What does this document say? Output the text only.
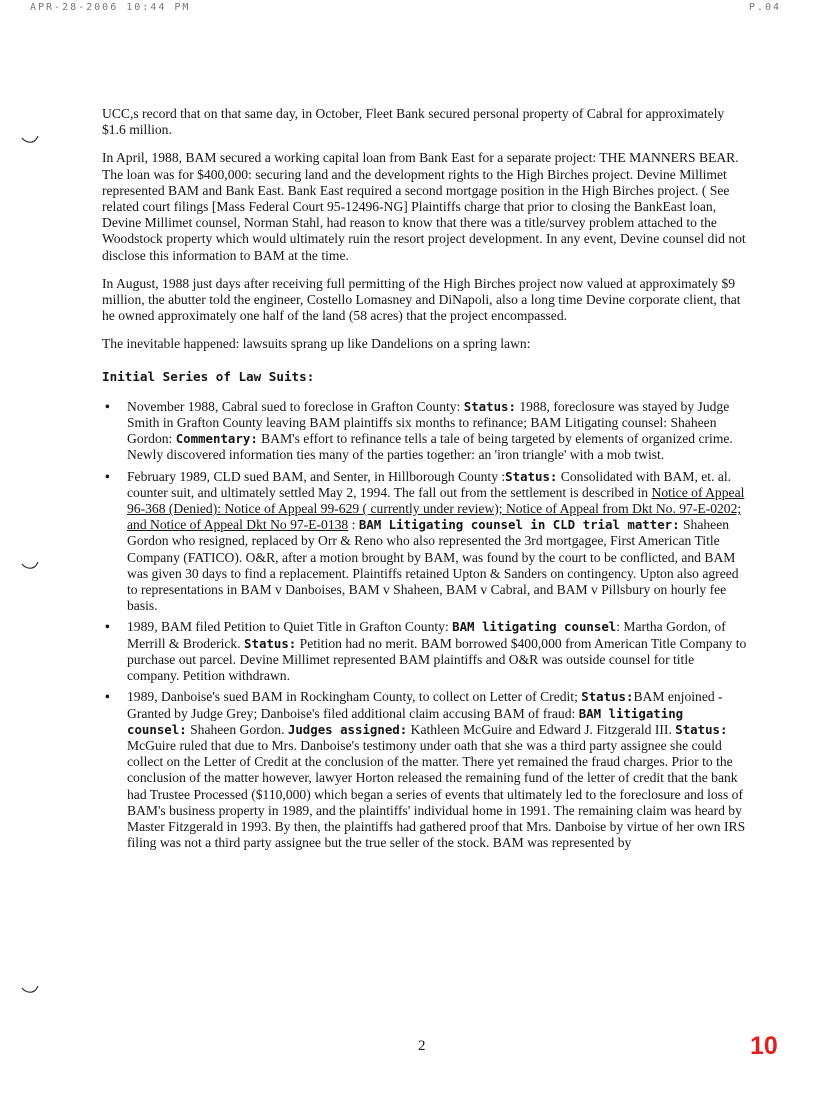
APR-28-2006 10:44 PM	P.04

UCC,s record that on that same day, in October, Fleet Bank secured personal property of Cabral for approximately $1.6 million.

In April, 1988, BAM secured a working capital loan from Bank East for a separate project: THE MANNERS BEAR. The loan was for $400,000: securing land and the development rights to the High Birches project. Devine Millimet represented BAM and Bank East. Bank East required a second mortgage position in the High Birches project. ( See related court filings [Mass Federal Court 95-12496-NG] Plaintiffs charge that prior to closing the BankEast loan, Devine Millimet counsel, Norman Stahl, had reason to know that there was a title/survey problem attached to the Woodstock property which would ultimately ruin the resort project development. In any event, Devine counsel did not disclose this information to BAM at the time.

In August, 1988 just days after receiving full permitting of the High Birches project now valued at approximately $9 million, the abutter told the engineer, Costello Lomasney and DiNapoli, also a long time Devine corporate client, that he owned approximately one half of the land (58 acres) that the project encompassed.

The inevitable happened: lawsuits sprang up like Dandelions on a spring lawn:

Initial Series of Law Suits:
• November 1988, Cabral sued to foreclose in Grafton County: Status: 1988, foreclosure was stayed by Judge Smith in Grafton County leaving BAM plaintiffs six months to refinance; BAM Litigating counsel: Shaheen Gordon: Commentary: BAM's effort to refinance tells a tale of being targeted by elements of organized crime. Newly discovered information ties many of the parties together: an 'iron triangle' with a mob twist.
• February 1989, CLD sued BAM, and Senter, in Hillborough County :Status: Consolidated with BAM, et. al. counter suit, and ultimately settled May 2, 1994. The fall out from the settlement is described in Notice of Appeal 96-368 (Denied): Notice of Appeal 99-629 ( currently under review); Notice of Appeal from Dkt No. 97-E-0202; and Notice of Appeal Dkt No 97-E-0138 : BAM Litigating counsel in CLD trial matter: Shaheen Gordon who resigned, replaced by Orr & Reno who also represented the 3rd mortgagee, First American Title Company (FATICO). O&R, after a motion brought by BAM, was found by the court to be conflicted, and BAM was given 30 days to find a replacement. Plaintiffs retained Upton & Sanders on contingency. Upton also agreed to representations in BAM v Danboises, BAM v Shaheen, BAM v Cabral, and BAM v Pillsbury on hourly fee basis.
• 1989, BAM filed Petition to Quiet Title in Grafton County: BAM litigating counsel: Martha Gordon, of Merrill & Broderick. Status: Petition had no merit. BAM borrowed $400,000 from American Title Company to purchase out parcel. Devine Millimet represented BAM plaintiffs and O&R was outside counsel for title company. Petition withdrawn.
• 1989, Danboise's sued BAM in Rockingham County, to collect on Letter of Credit; Status:BAM enjoined - Granted by Judge Grey; Danboise's filed additional claim accusing BAM of fraud: BAM litigating counsel: Shaheen Gordon. Judges assigned: Kathleen McGuire and Edward J. Fitzgerald III. Status: McGuire ruled that due to Mrs. Danboise's testimony under oath that she was a third party assignee she could collect on the Letter of Credit at the conclusion of the matter. There yet remained the fraud charges. Prior to the conclusion of the matter however, lawyer Horton released the remaining fund of the letter of credit that the bank had Trustee Processed ($110,000) which began a series of events that ultimately led to the foreclosure and loss of BAM's business property in 1989, and the plaintiffs' individual home in 1991. The remaining claim was heard by Master Fitzgerald in 1993. By then, the plaintiffs had gathered proof that Mrs. Danboise by virtue of her own IRS filing was not a third party assignee but the true seller of the stock. BAM was represented by
2	10
